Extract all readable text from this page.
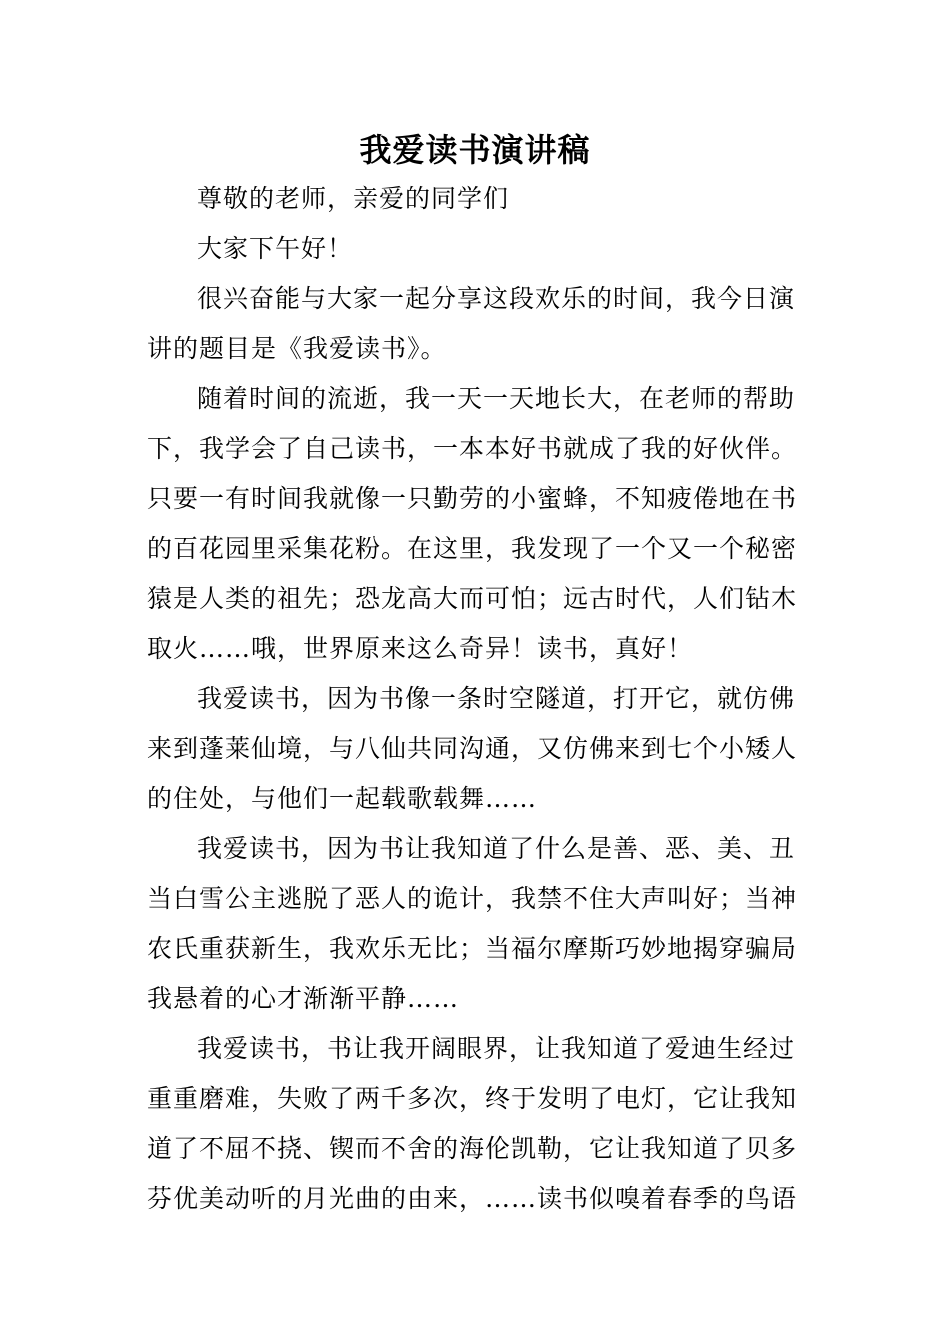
我爱读书演讲稿
尊敬的老师，亲爱的同学们
大家下午好！
很兴奋能与大家一起分享这段欢乐的时间，我今日演
讲的题目是《我爱读书》。
随着时间的流逝，我一天一天地长大，在老师的帮助
下，我学会了自己读书，一本本好书就成了我的好伙伴。
只要一有时间我就像一只勤劳的小蜜蜂，不知疲倦地在书
的百花园里采集花粉。在这里，我发现了一个又一个秘密
猿是人类的祖先；恐龙高大而可怕；远古时代，人们钻木
取火……哦，世界原来这么奇异！读书，真好！
我爱读书，因为书像一条时空隧道，打开它，就仿佛
来到蓬莱仙境，与八仙共同沟通，又仿佛来到七个小矮人
的住处，与他们一起载歌载舞……
我爱读书，因为书让我知道了什么是善、恶、美、丑
当白雪公主逃脱了恶人的诡计，我禁不住大声叫好；当神
农氏重获新生，我欢乐无比；当福尔摩斯巧妙地揭穿骗局
我悬着的心才渐渐平静……
我爱读书，书让我开阔眼界，让我知道了爱迪生经过
重重磨难，失败了两千多次，终于发明了电灯，它让我知
道了不屈不挠、锲而不舍的海伦凯勒，它让我知道了贝多
芬优美动听的月光曲的由来，……读书似嗅着春季的鸟语
